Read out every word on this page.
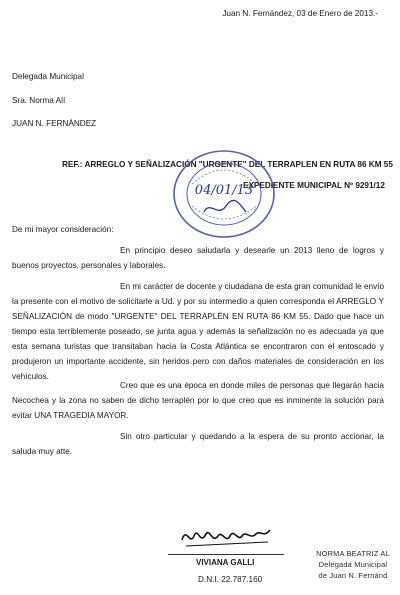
Juan N. Fernández, 03 de Enero de 2013.-
Delegada Municipal
Sra. Norma Alí
JUAN N. FERNÁNDEZ
REF.: ARREGLO Y SEÑALIZACIÓN "URGENTE" DEL TERRAPLEN EN RUTA 86 KM 55
EXPEDIENTE MUNICIPAL Nº 9291/12
04/01/13
De mi mayor consideración:

En principio deseo saludarla y desearle un 2013 lleno de logros y buenos proyectos, personales y laborales.

En mi carácter de docente y ciudadana de esta gran comunidad le envío la presente con el motivo de solicitarle a Ud. y por su intermedio a quien corresponda el ARREGLO Y SEÑALIZACIÓN de modo "URGENTE" DEL TERRAPLÉN EN RUTA 86 KM 55. Dado que hace un tiempo esta terriblemente poseado, se junta agua y además la señalización no es adecuada ya que esta semana turistas que transitaban hacia la Costa Atlántica se encontraron con el entoscado y produjeron un importante accidente, sin heridos pero con daños materiales de consideración en los vehículos.

Creo que es una época en donde miles de personas que llegarán hacia Necochea y la zona no saben de dicho terraplén por lo que creo que es inminente la solución para evitar UNA TRAGEDIA MAYOR.

Sin otro particular y quedando a la espera de su pronto accionar, la saluda muy atte.

VIVIANA GALLI
D.N.I. 22.787.160
NORMA BEATRIZ AL
Delegada Municipal
de Juan N. Fernánd
